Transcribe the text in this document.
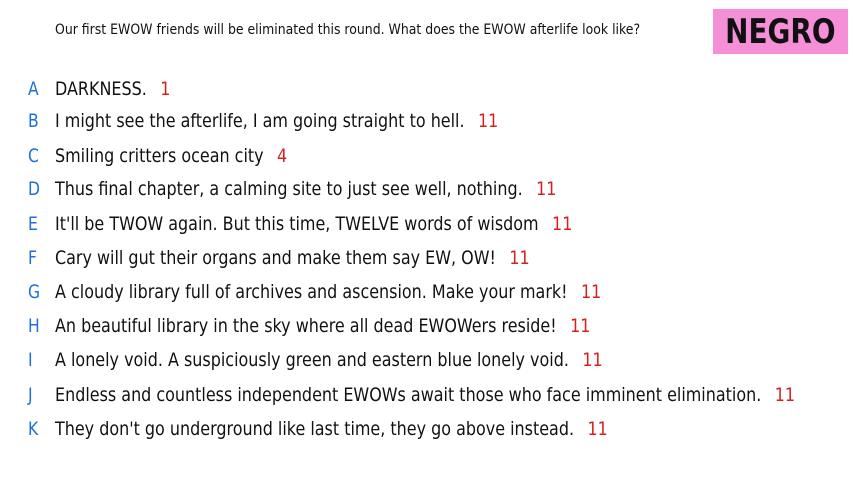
Our first EWOW friends will be eliminated this round. What does the EWOW afterlife look like?	NEGRO
A DARKNESS. 1
B I might see the afterlife, I am going straight to hell. 11
C Smiling critters ocean city 4
D Thus final chapter, a calming site to just see well, nothing. 11
E It'll be TWOW again. But this time, TWELVE words of wisdom 11
F Cary will gut their organs and make them say EW, OW! 11
G A cloudy library full of archives and ascension. Make your mark! 11
H An beautiful library in the sky where all dead EWOWers reside! 11
I A lonely void. A suspiciously green and eastern blue lonely void. 11
J Endless and countless independent EWOWs await those who face imminent elimination. 11
K They don't go underground like last time, they go above instead. 11
